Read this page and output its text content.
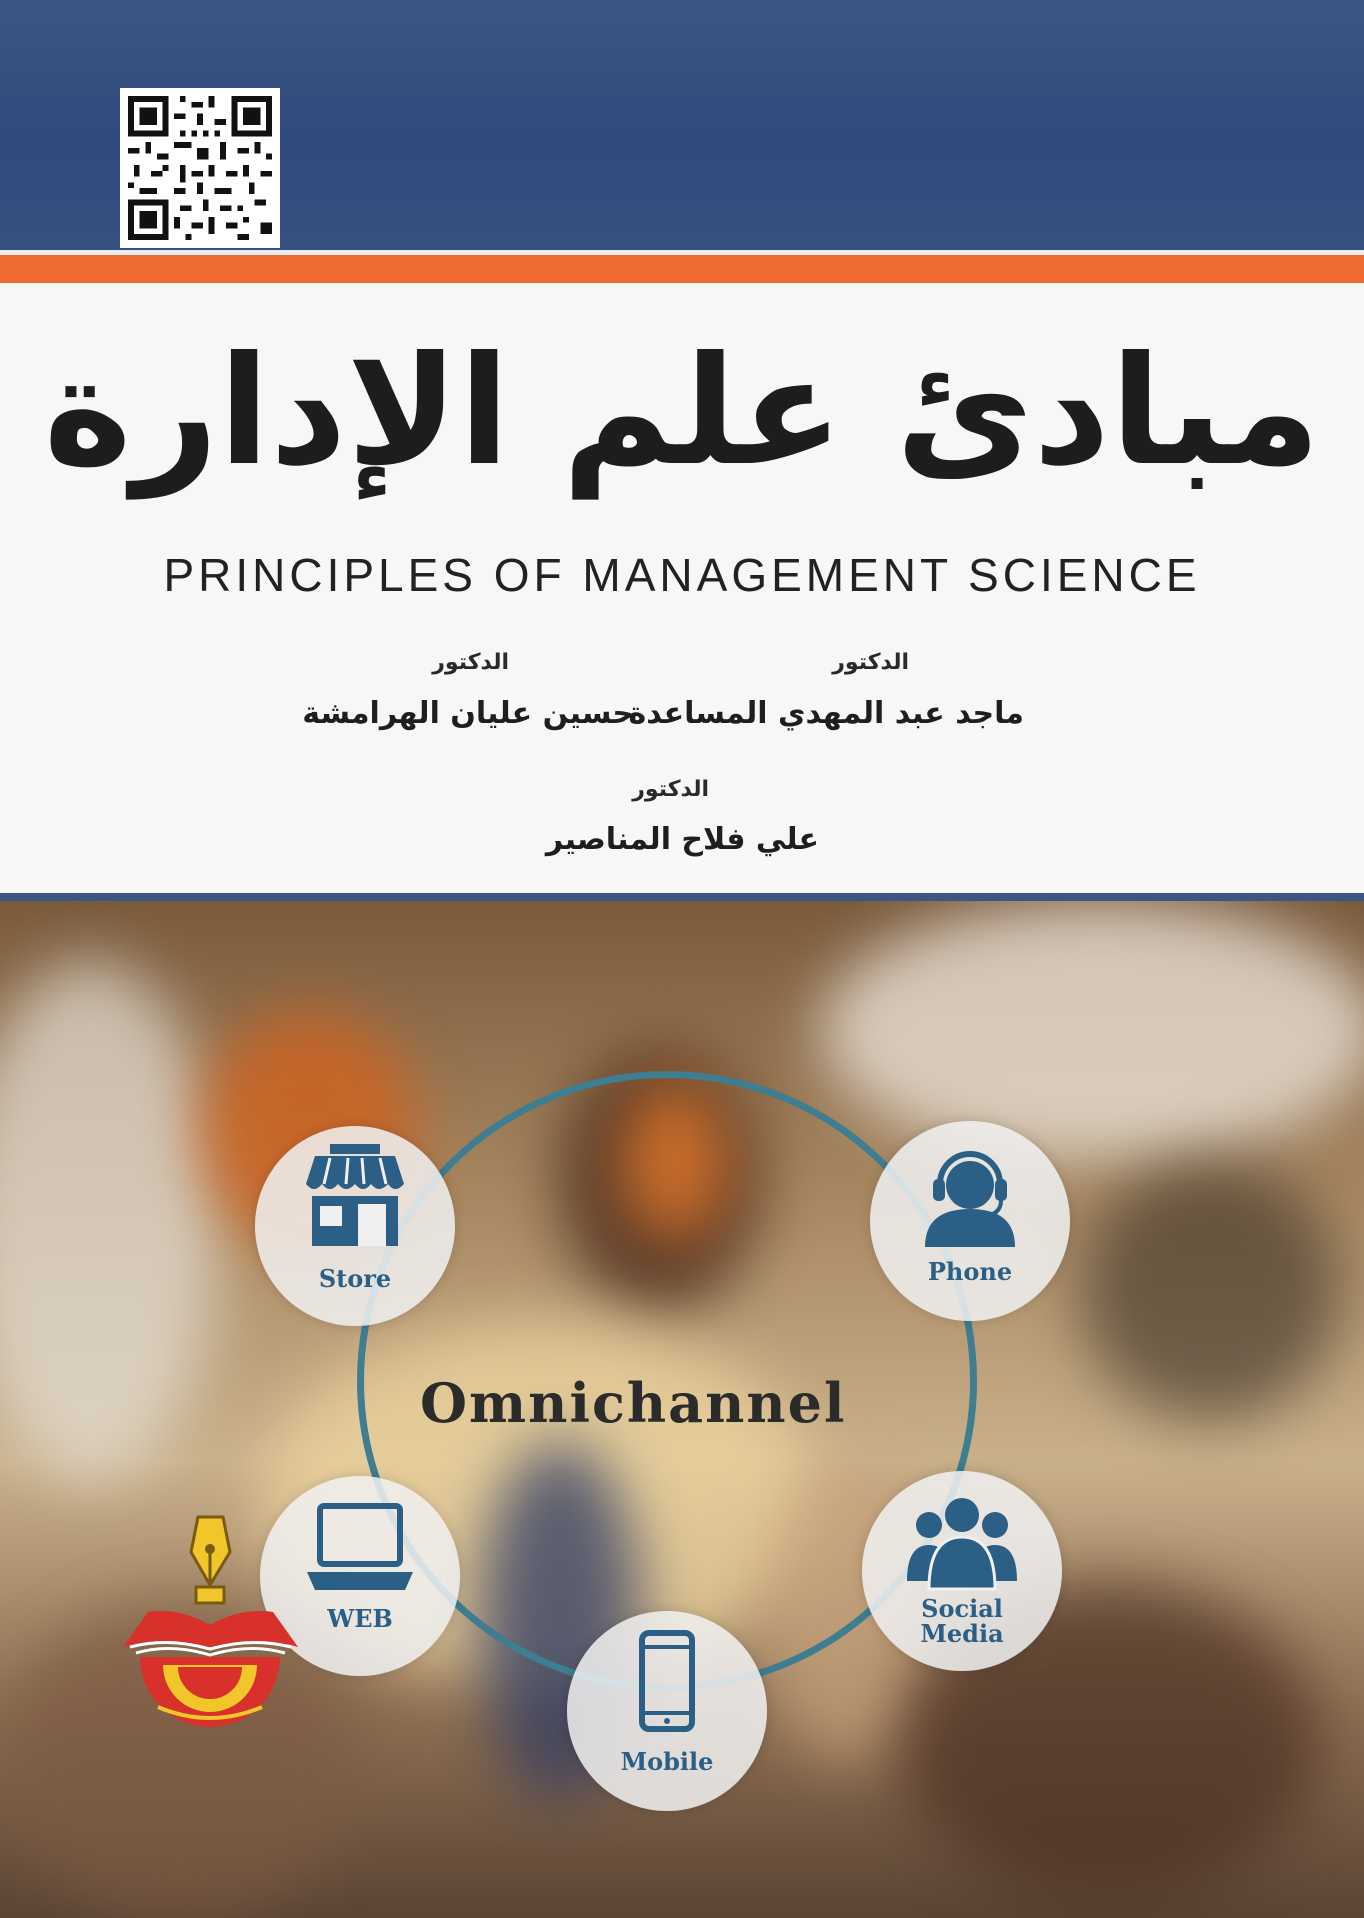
مبادئ علم الإدارة
PRINCIPLES OF MANAGEMENT SCIENCE
الدكتور
ماجد عبد المهدي المساعدة
الدكتور
حسين عليان الهرامشة
الدكتور
علي فلاح المناصير
Omnichannel
Store	Phone
WEB	Social
Media
Mobile
